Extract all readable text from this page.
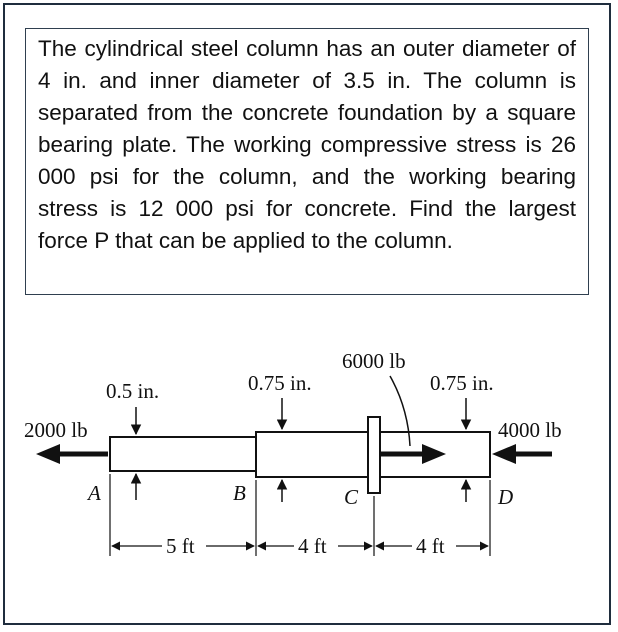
The cylindrical steel column has an outer diameter of 4 in. and inner diameter of 3.5 in. The column is separated from the concrete foundation by a square bearing plate. The working compressive stress is 26 000 psi for the column, and the working bearing stress is 12 000 psi for concrete. Find the largest force P that can be applied to the column.

2000 lb	4000 lb
6000 lb
0.5 in.	0.75 in.	0.75 in.
A	B	C	D
5 ft	4 ft	4 ft
